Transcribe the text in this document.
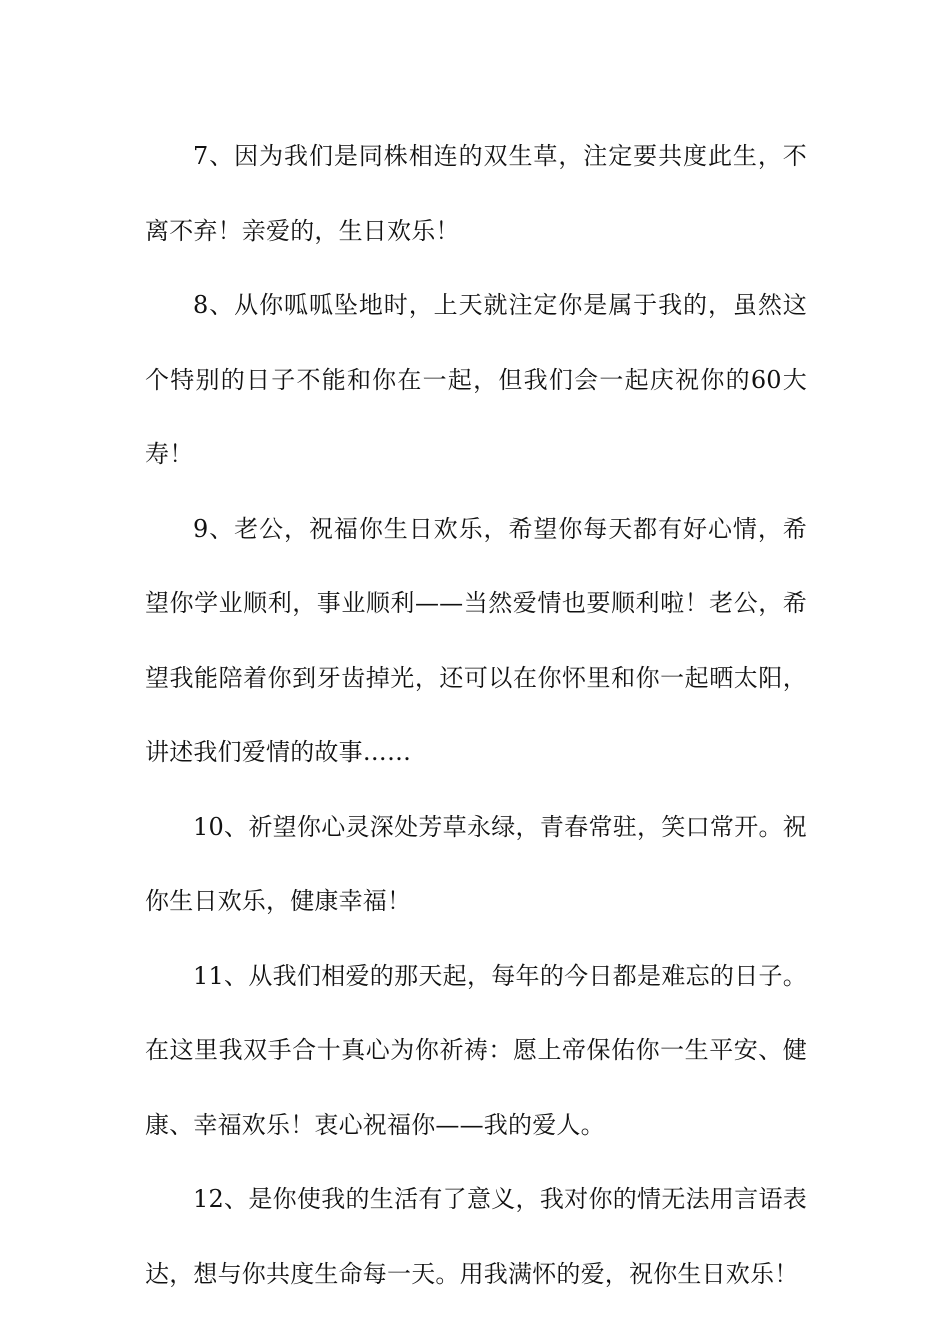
7、因为我们是同株相连的双生草，注定要共度此生，不离不弃！亲爱的，生日欢乐！

8、从你呱呱坠地时，上天就注定你是属于我的，虽然这个特别的日子不能和你在一起，但我们会一起庆祝你的60大寿！

9、老公，祝福你生日欢乐，希望你每天都有好心情，希望你学业顺利，事业顺利——当然爱情也要顺利啦！老公，希望我能陪着你到牙齿掉光，还可以在你怀里和你一起晒太阳，讲述我们爱情的故事……

10、祈望你心灵深处芳草永绿，青春常驻，笑口常开。祝你生日欢乐，健康幸福！

11、从我们相爱的那天起，每年的今日都是难忘的日子。在这里我双手合十真心为你祈祷：愿上帝保佑你一生平安、健康、幸福欢乐！衷心祝福你——我的爱人。

12、是你使我的生活有了意义，我对你的情无法用言语表达，想与你共度生命每一天。用我满怀的爱，祝你生日欢乐！
